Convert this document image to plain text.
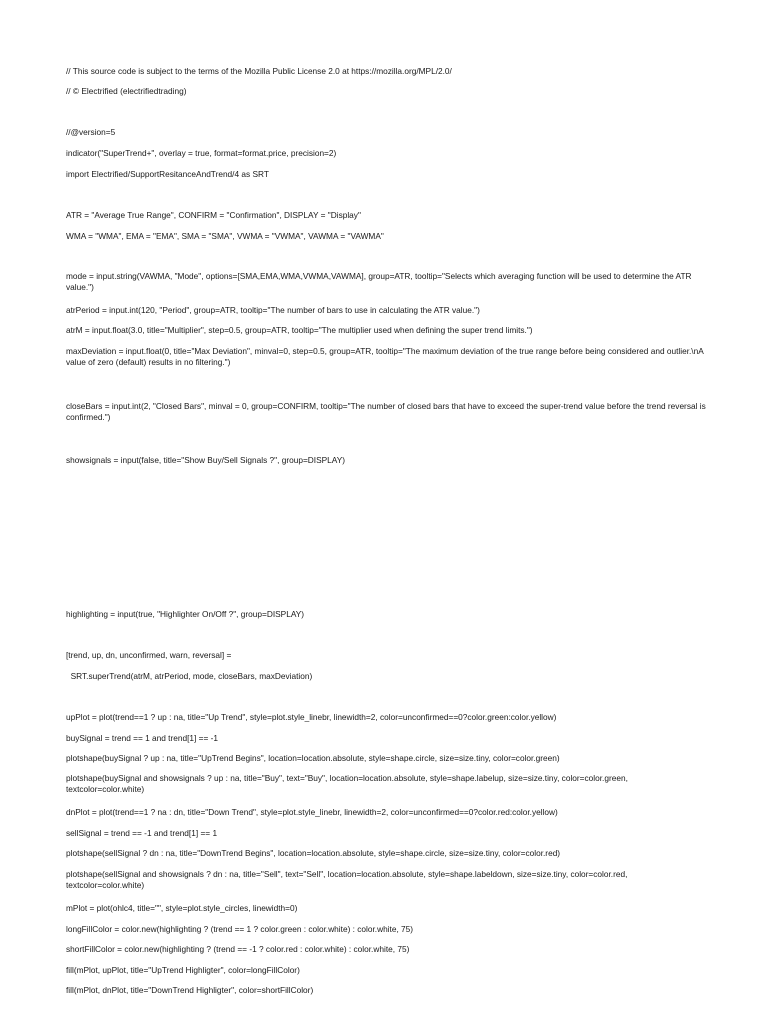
// This source code is subject to the terms of the Mozilla Public License 2.0 at https://mozilla.org/MPL/2.0/

// © Electrified (electrifiedtrading)

//@version=5

indicator("SuperTrend+", overlay = true, format=format.price, precision=2)

import Electrified/SupportResitanceAndTrend/4 as SRT

ATR = "Average True Range", CONFIRM = "Confirmation", DISPLAY = "Display"

WMA = "WMA", EMA = "EMA", SMA = "SMA", VWMA = "VWMA", VAWMA = "VAWMA"

mode = input.string(VAWMA, "Mode", options=[SMA,EMA,WMA,VWMA,VAWMA], group=ATR, tooltip="Selects which averaging function will be used to determine the ATR value.")

atrPeriod = input.int(120, "Period", group=ATR, tooltip="The number of bars to use in calculating the ATR value.")

atrM = input.float(3.0, title="Multiplier", step=0.5, group=ATR, tooltip="The multiplier used when defining the super trend limits.")

maxDeviation = input.float(0, title="Max Deviation", minval=0, step=0.5, group=ATR, tooltip="The maximum deviation of the true range before being considered and outlier.\nA value of zero (default) results in no filtering.")

closeBars = input.int(2, "Closed Bars", minval = 0, group=CONFIRM, tooltip="The number of closed bars that have to exceed the super-trend value before the trend reversal is confirmed.")

showsignals = input(false, title="Show Buy/Sell Signals ?", group=DISPLAY)

highlighting = input(true, "Highlighter On/Off ?", group=DISPLAY)

[trend, up, dn, unconfirmed, warn, reversal] =

SRT.superTrend(atrM, atrPeriod, mode, closeBars, maxDeviation)

upPlot = plot(trend==1 ? up : na, title="Up Trend", style=plot.style_linebr, linewidth=2, color=unconfirmed==0?color.green:color.yellow)

buySignal = trend == 1 and trend[1] == -1

plotshape(buySignal ? up : na, title="UpTrend Begins", location=location.absolute, style=shape.circle, size=size.tiny, color=color.green)

plotshape(buySignal and showsignals ? up : na, title="Buy", text="Buy", location=location.absolute, style=shape.labelup, size=size.tiny, color=color.green, textcolor=color.white)

dnPlot = plot(trend==1 ? na : dn, title="Down Trend", style=plot.style_linebr, linewidth=2, color=unconfirmed==0?color.red:color.yellow)

sellSignal = trend == -1 and trend[1] == 1

plotshape(sellSignal ? dn : na, title="DownTrend Begins", location=location.absolute, style=shape.circle, size=size.tiny, color=color.red)

plotshape(sellSignal and showsignals ? dn : na, title="Sell", text="Sell", location=location.absolute, style=shape.labeldown, size=size.tiny, color=color.red, textcolor=color.white)

mPlot = plot(ohlc4, title="", style=plot.style_circles, linewidth=0)

longFillColor = color.new(highlighting ? (trend == 1 ? color.green : color.white) : color.white, 75)

shortFillColor = color.new(highlighting ? (trend == -1 ? color.red : color.white) : color.white, 75)

fill(mPlot, upPlot, title="UpTrend Highligter", color=longFillColor)

fill(mPlot, dnPlot, title="DownTrend Highligter", color=shortFillColor)
